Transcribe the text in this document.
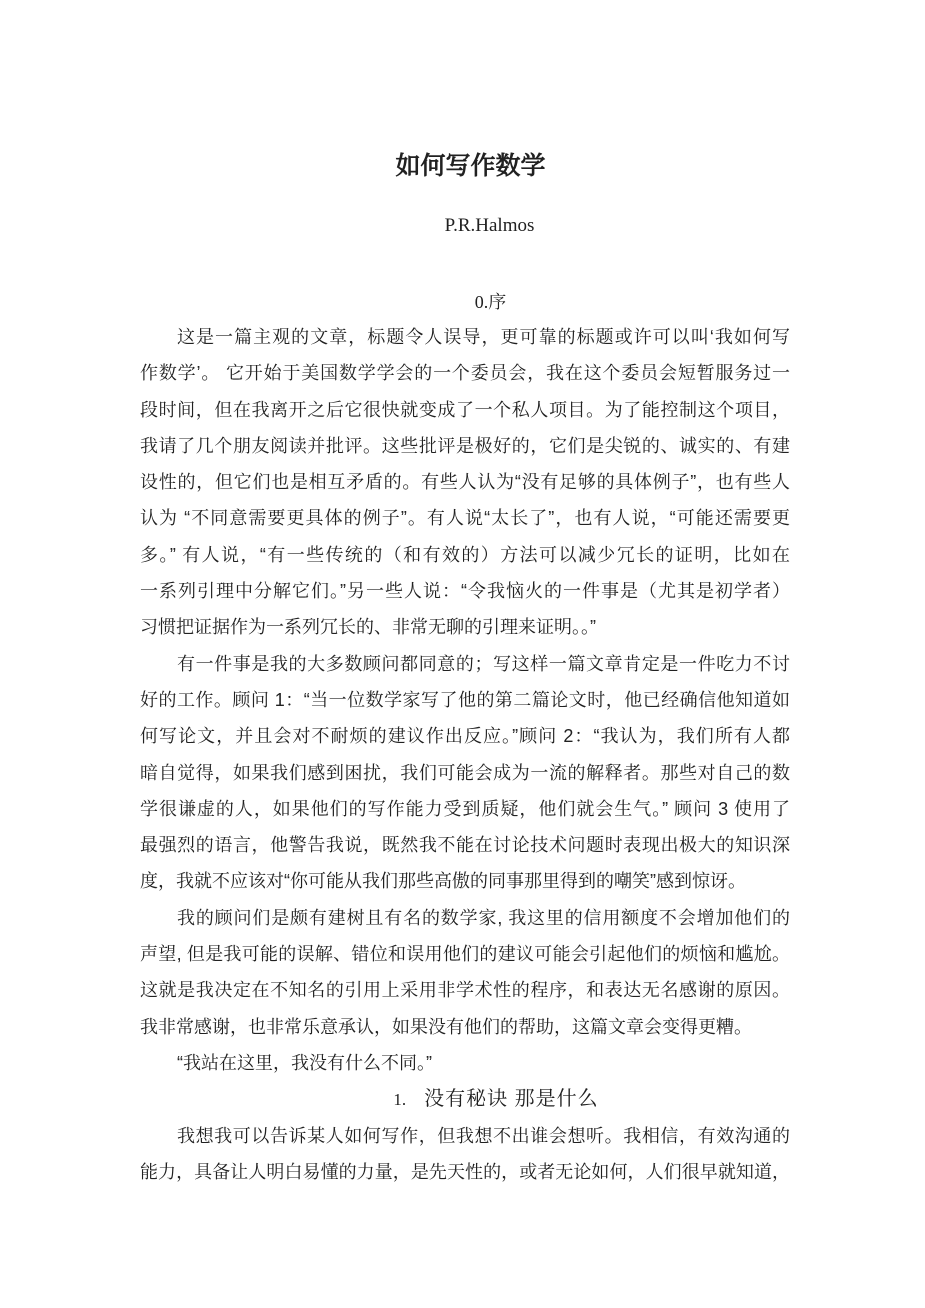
如何写作数学
P.R.Halmos
0.序
这是一篇主观的文章，标题令人误导，更可靠的标题或许可以叫‘我如何写
作数学’。 它开始于美国数学学会的一个委员会，我在这个委员会短暂服务过一
段时间，但在我离开之后它很快就变成了一个私人项目。为了能控制这个项目，
我请了几个朋友阅读并批评。这些批评是极好的，它们是尖锐的、诚实的、有建
设性的，但它们也是相互矛盾的。有些人认为“没有足够的具体例子”，也有些人
认为 “不同意需要更具体的例子”。有人说“太长了”，也有人说，“可能还需要更
多。” 有人说，“有一些传统的（和有效的）方法可以减少冗长的证明，比如在
一系列引理中分解它们。”另一些人说：“令我恼火的一件事是（尤其是初学者）
习惯把证据作为一系列冗长的、非常无聊的引理来证明。。”
有一件事是我的大多数顾问都同意的；写这样一篇文章肯定是一件吃力不讨
好的工作。顾问 1：“当一位数学家写了他的第二篇论文时，他已经确信他知道如
何写论文，并且会对不耐烦的建议作出反应。”顾问 2：“我认为，我们所有人都
暗自觉得，如果我们感到困扰，我们可能会成为一流的解释者。那些对自己的数
学很谦虚的人，如果他们的写作能力受到质疑，他们就会生气。” 顾问 3 使用了
最强烈的语言，他警告我说，既然我不能在讨论技术问题时表现出极大的知识深
度，我就不应该对“你可能从我们那些高傲的同事那里得到的嘲笑”感到惊讶。
我的顾问们是颇有建树且有名的数学家, 我这里的信用额度不会增加他们的
声望, 但是我可能的误解、错位和误用他们的建议可能会引起他们的烦恼和尴尬。
这就是我决定在不知名的引用上采用非学术性的程序，和表达无名感谢的原因。
我非常感谢，也非常乐意承认，如果没有他们的帮助，这篇文章会变得更糟。
“我站在这里，我没有什么不同。”
1. 没有秘诀 那是什么
我想我可以告诉某人如何写作，但我想不出谁会想听。我相信，有效沟通的
能力，具备让人明白易懂的力量，是先天性的，或者无论如何，人们很早就知道，
